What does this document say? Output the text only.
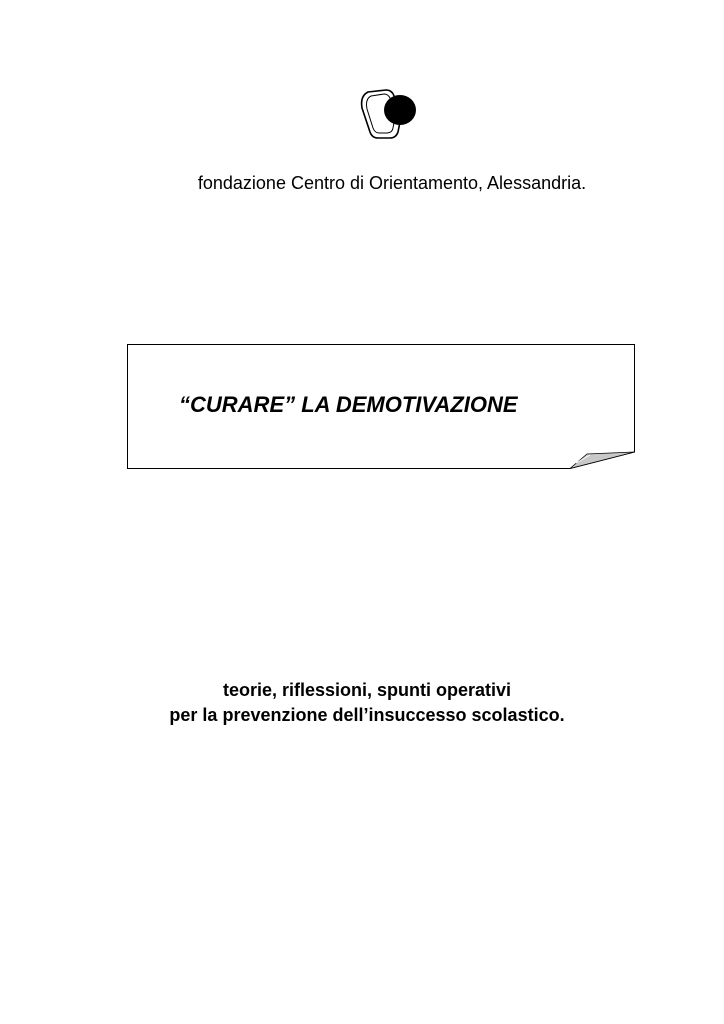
fondazione Centro di Orientamento, Alessandria.
“CURARE” LA DEMOTIVAZIONE
teorie, riflessioni, spunti operativi
per la prevenzione dell’insuccesso scolastico.
